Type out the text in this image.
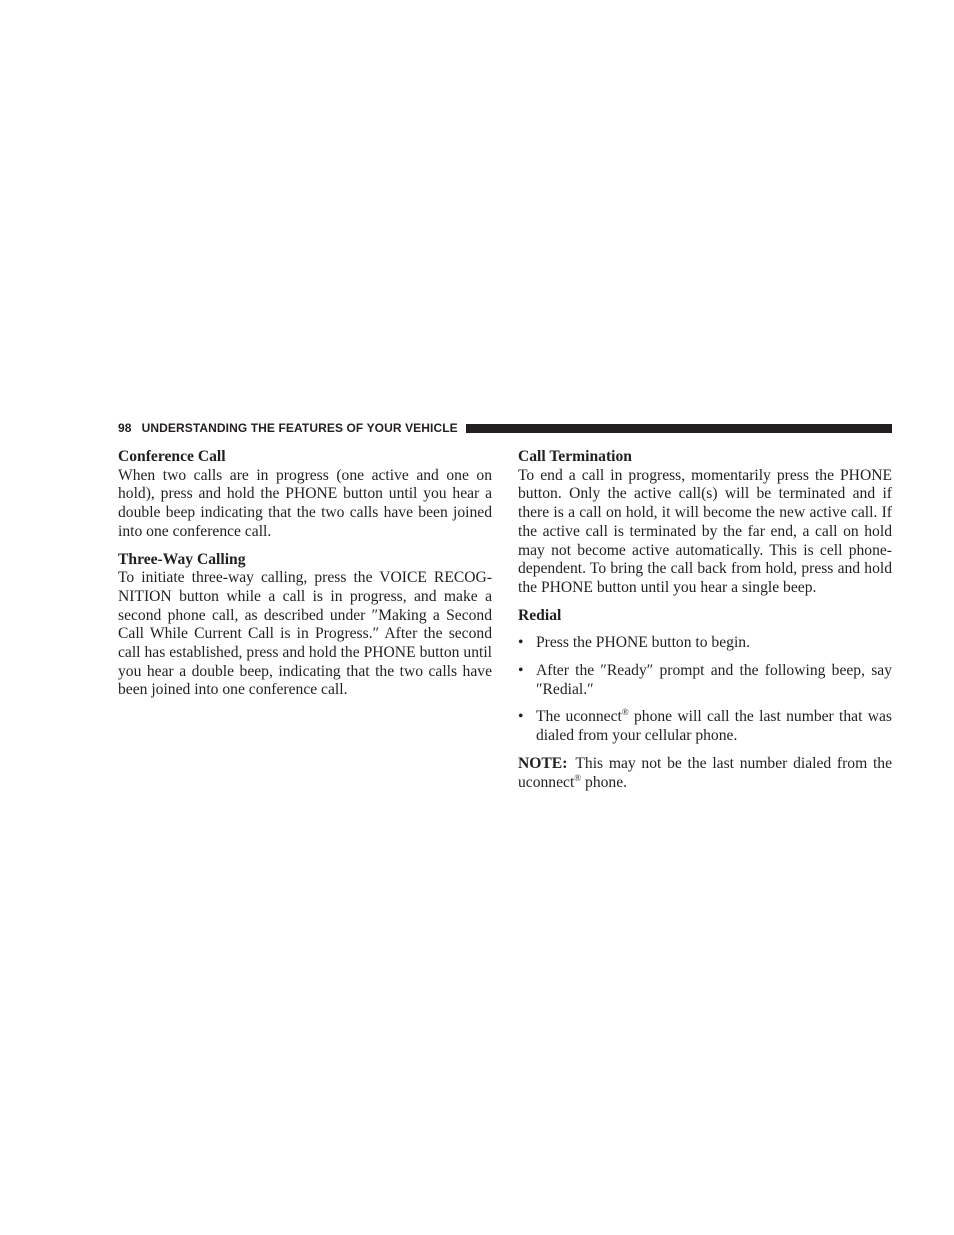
98 UNDERSTANDING THE FEATURES OF YOUR VEHICLE
Conference Call

When two calls are in progress (one active and one on hold), press and hold the PHONE button until you hear a double beep indicating that the two calls have been joined into one conference call.

Three-Way Calling

To initiate three-way calling, press the VOICE RECOGNITION button while a call is in progress, and make a second phone call, as described under ″Making a Second Call While Current Call is in Progress.″ After the second call has established, press and hold the PHONE button until you hear a double beep, indicating that the two calls have been joined into one conference call.

Call Termination

To end a call in progress, momentarily press the PHONE button. Only the active call(s) will be terminated and if there is a call on hold, it will become the new active call. If the active call is terminated by the far end, a call on hold may not become active automatically. This is cell phone-dependent. To bring the call back from hold, press and hold the PHONE button until you hear a single beep.

Redial
• Press the PHONE button to begin.
• After the ″Ready″ prompt and the following beep, say ″Redial.″
• The uconnect® phone will call the last number that was dialed from your cellular phone.

NOTE: This may not be the last number dialed from the uconnect® phone.
